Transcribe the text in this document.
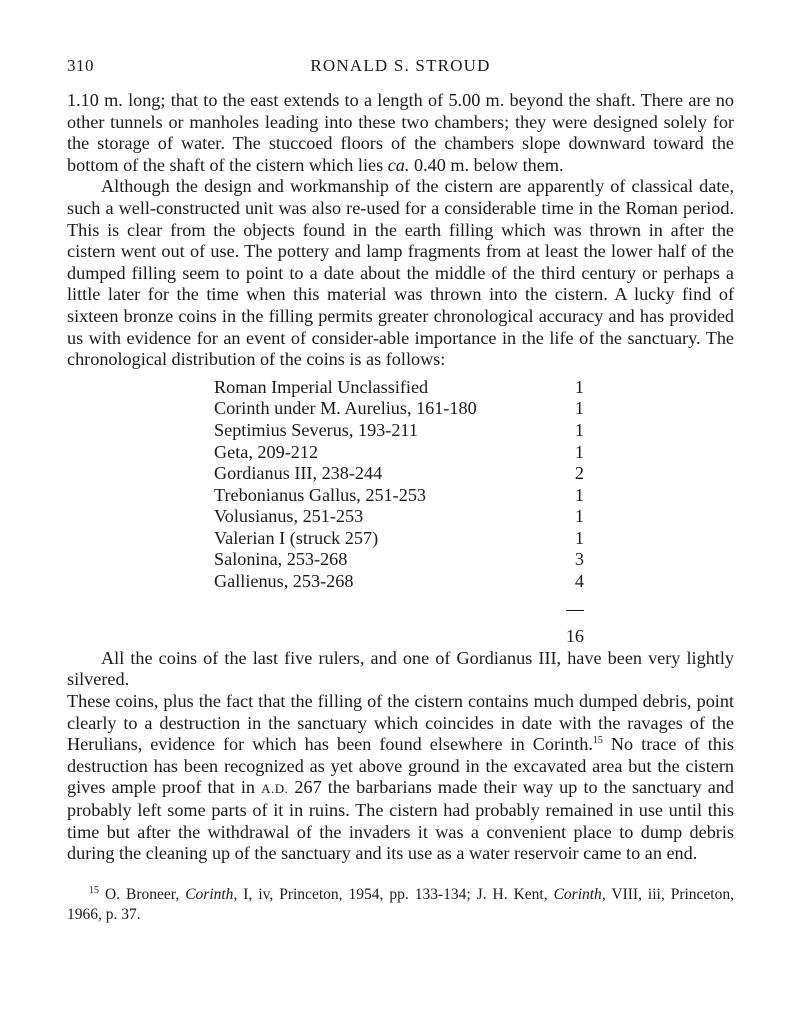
310	RONALD S. STROUD

1.10 m. long; that to the east extends to a length of 5.00 m. beyond the shaft. There are no other tunnels or manholes leading into these two chambers; they were designed solely for the storage of water. The stuccoed floors of the chambers slope downward toward the bottom of the shaft of the cistern which lies ca. 0.40 m. below them.

Although the design and workmanship of the cistern are apparently of classical date, such a well-constructed unit was also re-used for a considerable time in the Roman period. This is clear from the objects found in the earth filling which was thrown in after the cistern went out of use. The pottery and lamp fragments from at least the lower half of the dumped filling seem to point to a date about the middle of the third century or perhaps a little later for the time when this material was thrown into the cistern. A lucky find of sixteen bronze coins in the filling permits greater chronological accuracy and has provided us with evidence for an event of consider-able importance in the life of the sanctuary. The chronological distribution of the coins is as follows:

Roman Imperial Unclassified	1
Corinth under M. Aurelius, 161-180	1
Septimius Severus, 193-211	1
Geta, 209-212	1
Gordianus III, 238-244	2
Trebonianus Gallus, 251-253	1
Volusianus, 251-253	1
Valerian I (struck 257)	1
Salonina, 253-268	3
Gallienus, 253-268	4

	16

All the coins of the last five rulers, and one of Gordianus III, have been very lightly silvered.

These coins, plus the fact that the filling of the cistern contains much dumped debris, point clearly to a destruction in the sanctuary which coincides in date with the ravages of the Herulians, evidence for which has been found elsewhere in Corinth.$^{15}$ No trace of this destruction has been recognized as yet above ground in the excavated area but the cistern gives ample proof that in A.D. 267 the barbarians made their way up to the sanctuary and probably left some parts of it in ruins. The cistern had probably remained in use until this time but after the withdrawal of the invaders it was a convenient place to dump debris during the cleaning up of the sanctuary and its use as a water reservoir came to an end.

$^{15}$ O. Broneer, Corinth, I, iv, Princeton, 1954, pp. 133-134; J. H. Kent, Corinth, VIII, iii, Princeton, 1966, p. 37.
